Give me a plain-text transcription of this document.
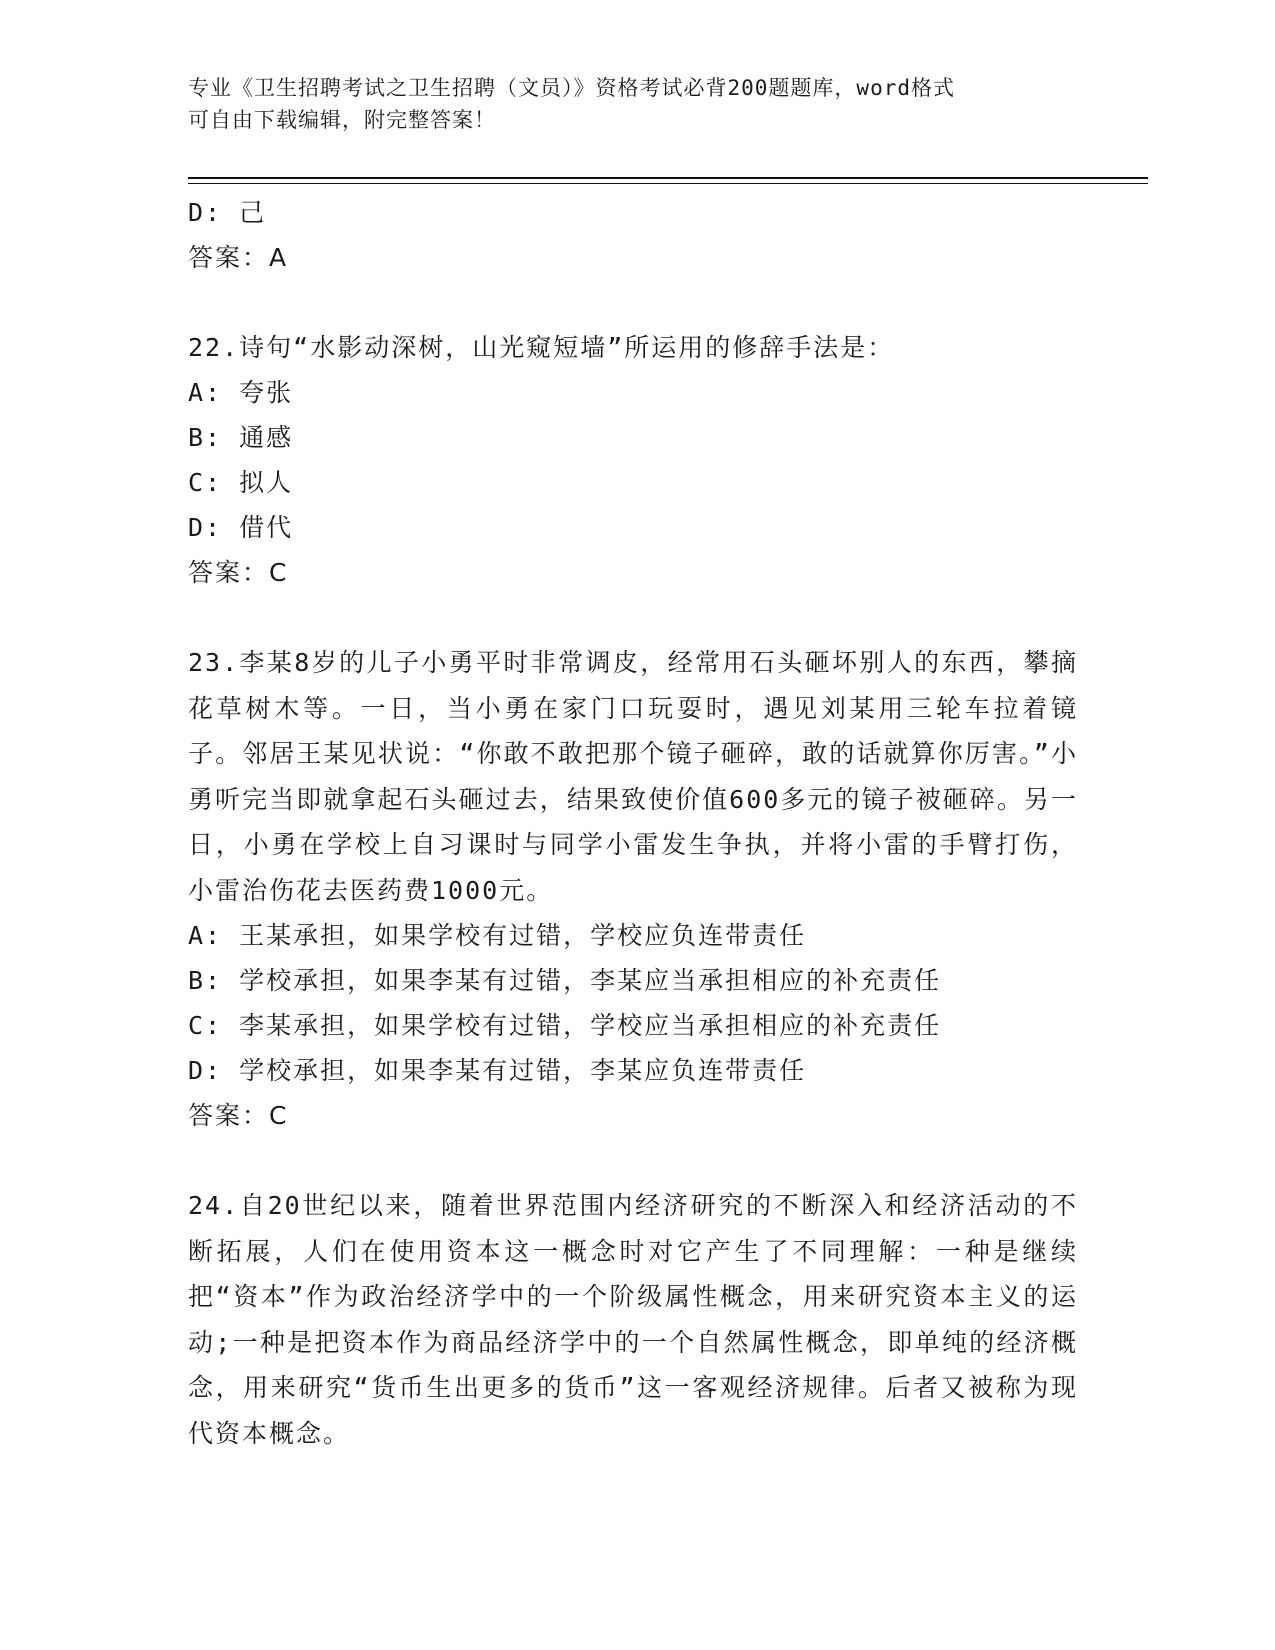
专业《卫生招聘考试之卫生招聘（文员）》资格考试必背200题题库，word格式
可自由下载编辑，附完整答案！
D: 己
答案：A
22.诗句“水影动深树，山光窥短墙”所运用的修辞手法是：
A: 夸张
B: 通感
C: 拟人
D: 借代
答案：C
23.李某8岁的儿子小勇平时非常调皮，经常用石头砸坏别人的东西，攀摘花草树木等。一日，当小勇在家门口玩耍时，遇见刘某用三轮车拉着镜子。邻居王某见状说：“你敢不敢把那个镜子砸碎，敢的话就算你厉害。”小勇听完当即就拿起石头砸过去，结果致使价值600多元的镜子被砸碎。另一日，小勇在学校上自习课时与同学小雷发生争执，并将小雷的手臂打伤，小雷治伤花去医药费1000元。
A: 王某承担，如果学校有过错，学校应负连带责任
B: 学校承担，如果李某有过错，李某应当承担相应的补充责任
C: 李某承担，如果学校有过错，学校应当承担相应的补充责任
D: 学校承担，如果李某有过错，李某应负连带责任
答案：C
24.自20世纪以来，随着世界范围内经济研究的不断深入和经济活动的不断拓展，人们在使用资本这一概念时对它产生了不同理解：一种是继续把“资本”作为政治经济学中的一个阶级属性概念，用来研究资本主义的运动;一种是把资本作为商品经济学中的一个自然属性概念，即单纯的经济概念，用来研究“货币生出更多的货币”这一客观经济规律。后者又被称为现代资本概念。
